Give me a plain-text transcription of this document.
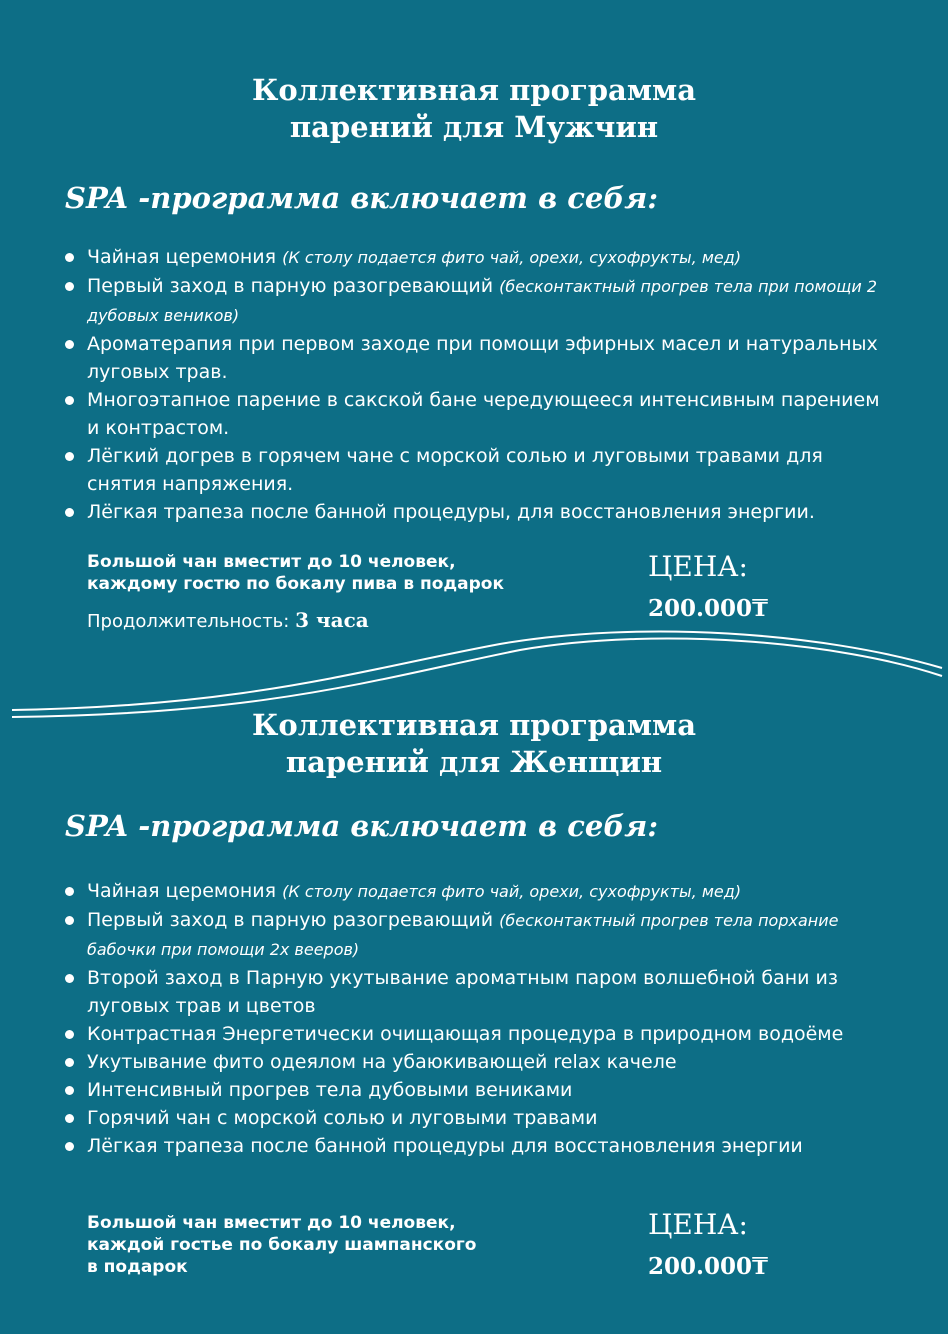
Коллективная программа
парений для Мужчин
SPA -программа включает в себя:
Чайная церемония (К столу подается фито чай, орехи, сухофрукты, мед)
Первый заход в парную разогревающий (бесконтактный прогрев тела при помощи 2 дубовых веников)
Ароматерапия при первом заходе при помощи эфирных масел и натуральных луговых трав.
Многоэтапное парение в сакской бане чередующееся интенсивным парением и контрастом.
Лёгкий догрев в горячем чане с морской солью и луговыми травами для снятия напряжения.
Лёгкая трапеза после банной процедуры, для восстановления энергии.
Большой чан вместит до 10 человек,
каждому гостю по бокалу пива в подарок
Продолжительность: 3 часа
ЦЕНА:
200.000₸
Коллективная программа
парений для Женщин
SPA -программа включает в себя:
Чайная церемония (К столу подается фито чай, орехи, сухофрукты, мед)
Первый заход в парную разогревающий (бесконтактный прогрев тела порхание бабочки при помощи 2х вееров)
Второй заход в Парную укутывание ароматным паром волшебной бани из луговых трав и цветов
Контрастная Энергетически очищающая процедура в природном водоёме
Укутывание фито одеялом на убаюкивающей relax качеле
Интенсивный прогрев тела дубовыми вениками
Горячий чан с морской солью и луговыми травами
Лёгкая трапеза после банной процедуры для восстановления энергии
Большой чан вместит до 10 человек,
каждой гостье по бокалу шампанского
в подарок
ЦЕНА:
200.000₸
